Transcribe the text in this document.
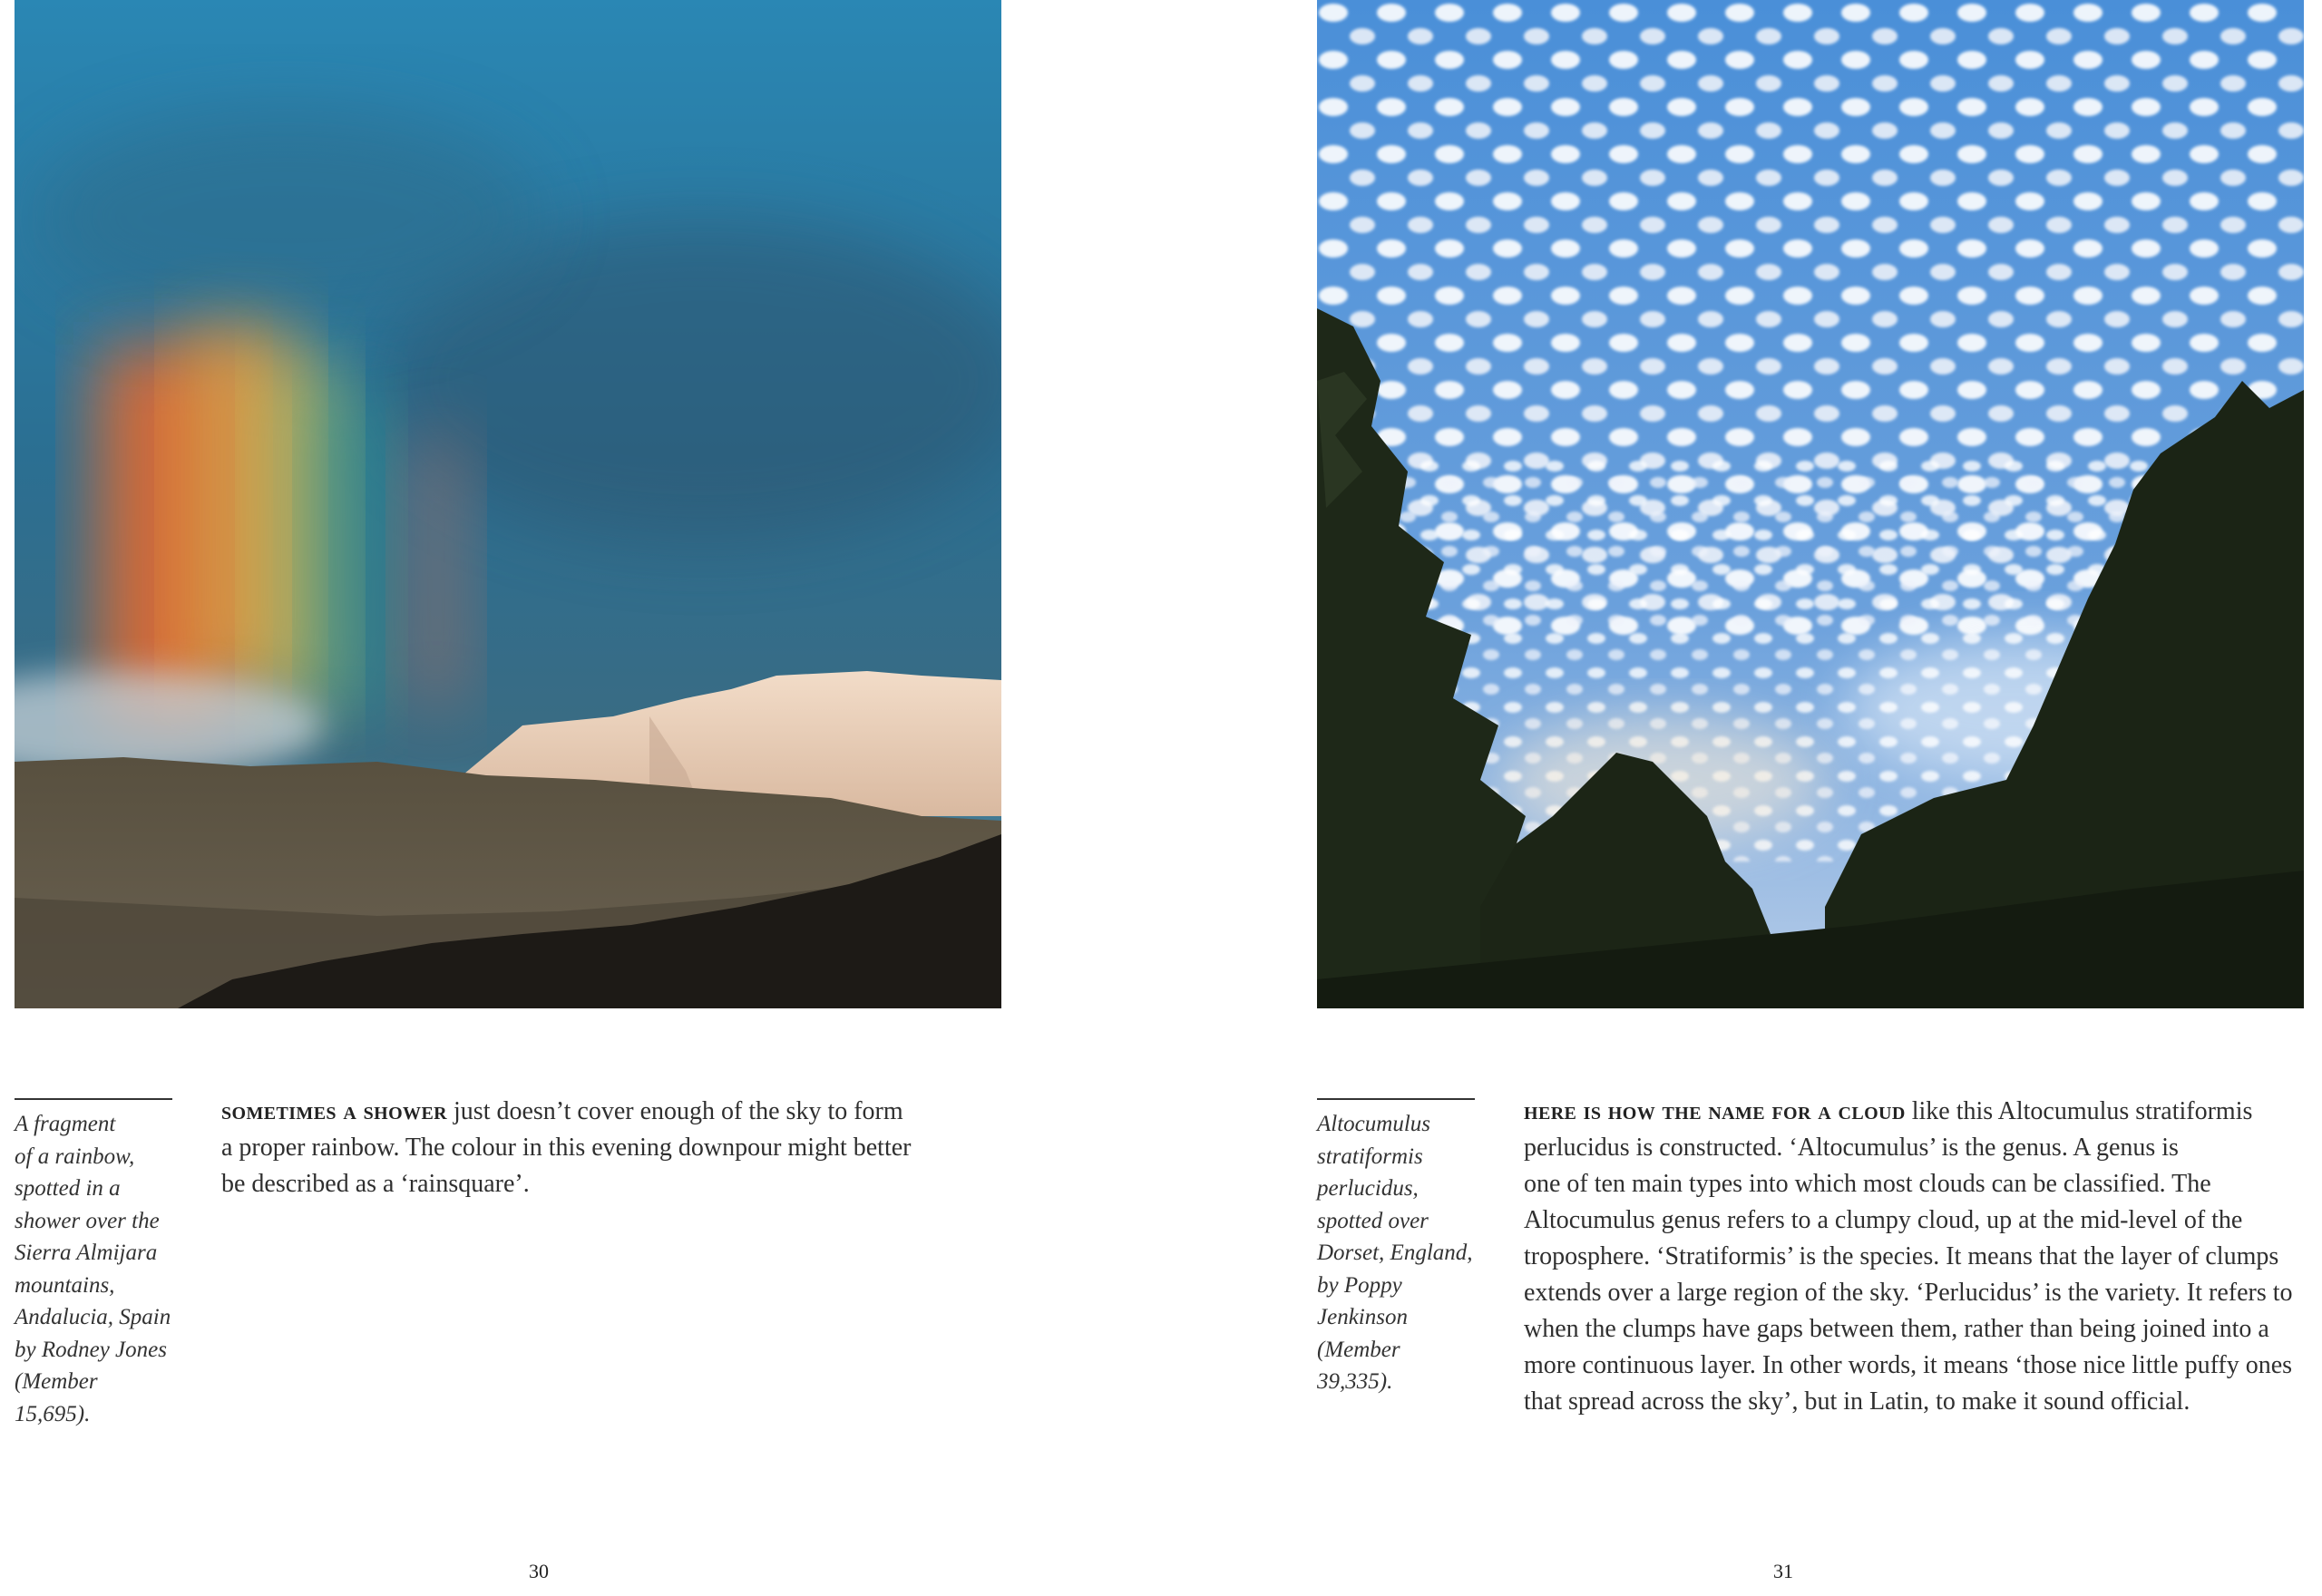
A fragment
of a rainbow,
spotted in a
shower over the
Sierra Almijara
mountains,
Andalucia, Spain
by Rodney Jones
(Member 15,695).
sometimes a shower just doesn’t cover enough of the sky to form
a proper rainbow. The colour in this evening downpour might better
be described as a ‘rainsquare’.
30
Altocumulus
stratiformis
perlucidus,
spotted over
Dorset, England,
by Poppy
Jenkinson
(Member 39,335).
here is how the name for a cloud like this Altocumulus stratiformis
perlucidus is constructed. ‘Altocumulus’ is the genus. A genus is
one of ten main types into which most clouds can be classified. The
Altocumulus genus refers to a clumpy cloud, up at the mid-level of the
troposphere. ‘Stratiformis’ is the species. It means that the layer of clumps
extends over a large region of the sky. ‘Perlucidus’ is the variety. It refers to
when the clumps have gaps between them, rather than being joined into a
more continuous layer. In other words, it means ‘those nice little puffy ones
that spread across the sky’, but in Latin, to make it sound official.
31
